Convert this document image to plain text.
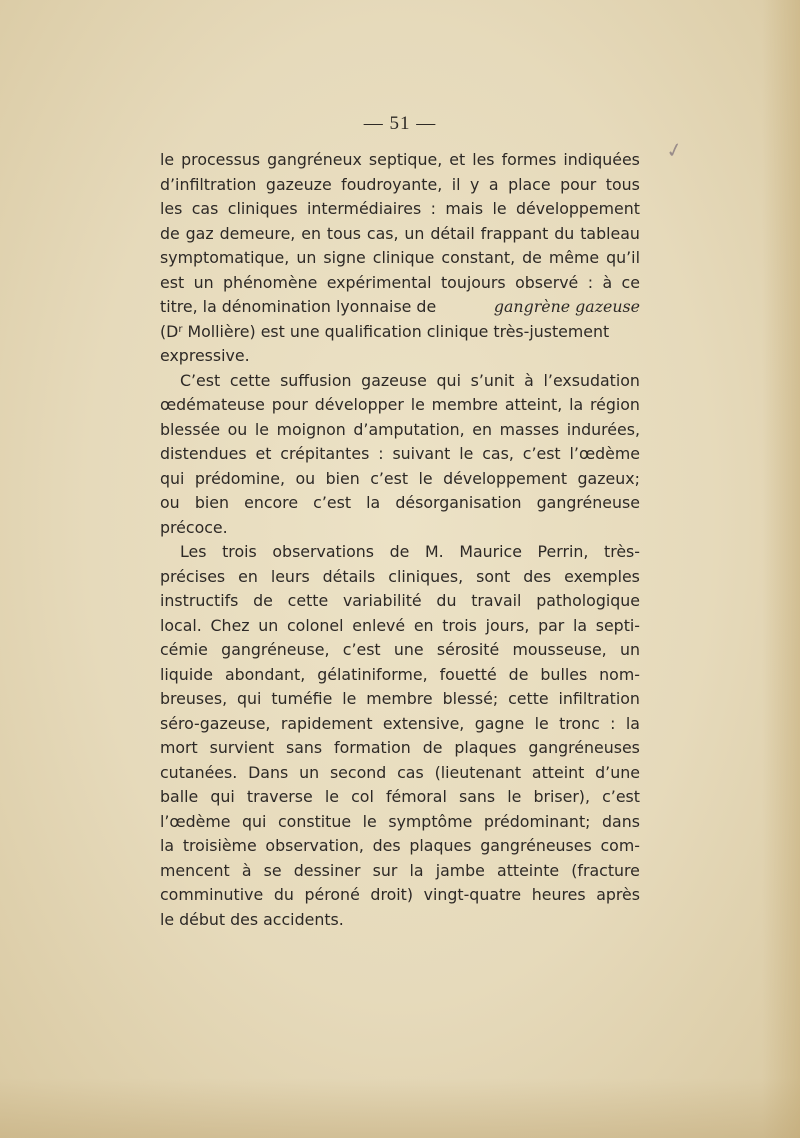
— 51 —
✓
le processus gangréneux septique, et les formes indiquées
d’infiltration gazeuze foudroyante, il y a place pour tous
les cas cliniques intermédiaires : mais le développement
de gaz demeure, en tous cas, un détail frappant du tableau
symptomatique, un signe clinique constant, de même qu’il
est un phénomène expérimental toujours observé : à ce
titre, la dénomination lyonnaise de	gangrène gazeuse
($D^r$ Mollière) est une qualification clinique très-justement
expressive.
C’est cette suffusion gazeuse qui s’unit à l’exsudation
œdémateuse pour développer le membre atteint, la région
blessée ou le moignon d’amputation, en masses indurées,
distendues et crépitantes : suivant le cas, c’est l’œdème
qui prédomine, ou bien c’est le développement gazeux;
ou bien encore c’est la désorganisation gangréneuse
précoce.
Les trois observations de M. Maurice Perrin, très-
précises en leurs détails cliniques, sont des exemples
instructifs de cette variabilité du travail pathologique
local. Chez un colonel enlevé en trois jours, par la septi-
cémie gangréneuse, c’est une sérosité mousseuse, un
liquide abondant, gélatiniforme, fouetté de bulles nom-
breuses, qui tuméfie le membre blessé; cette infiltration
séro-gazeuse, rapidement extensive, gagne le tronc : la
mort survient sans formation de plaques gangréneuses
cutanées. Dans un second cas (lieutenant atteint d’une
balle qui traverse le col fémoral sans le briser), c’est
l’œdème qui constitue le symptôme prédominant; dans
la troisième observation, des plaques gangréneuses com-
mencent à se dessiner sur la jambe atteinte (fracture
comminutive du péroné droit) vingt-quatre heures après
le début des accidents.
